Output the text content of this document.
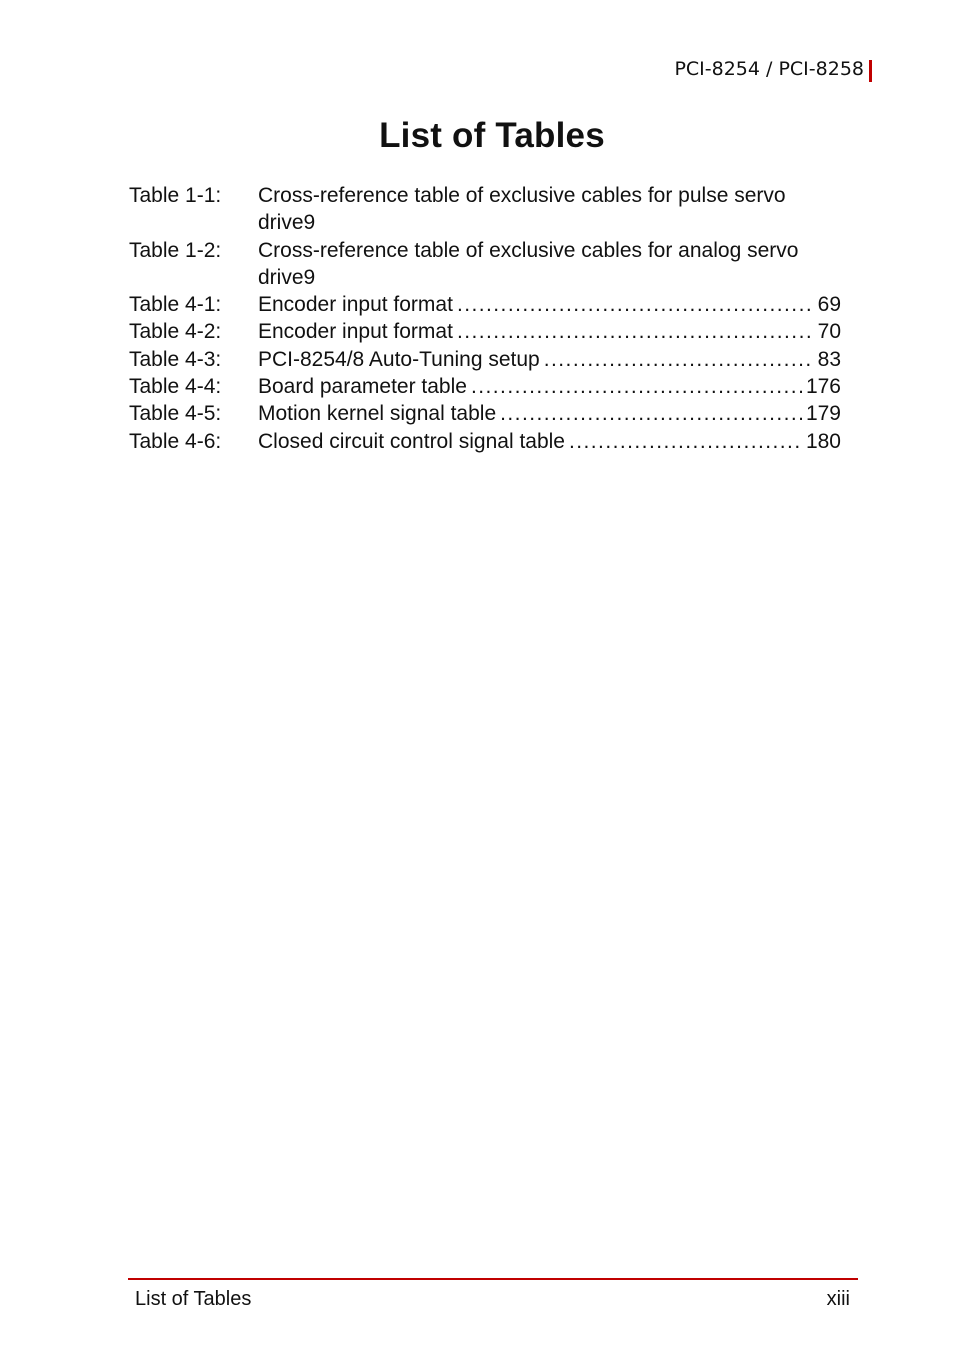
PCI-8254 / PCI-8258
List of Tables
Table 1-1:	Cross-reference table of exclusive cables for pulse servo
drive9
Table 1-2:	Cross-reference table of exclusive cables for analog servo
drive9
Table 4-1:	Encoder input format . . .	69
Table 4-2:	Encoder input format . . .	70
Table 4-3:	PCI-8254/8 Auto-Tuning setup . . .	83
Table 4-4:	Board parameter table . . .	176
Table 4-5:	Motion kernel signal table . . .	179
Table 4-6:	Closed circuit control signal table . . .	180
List of Tables	xiii
